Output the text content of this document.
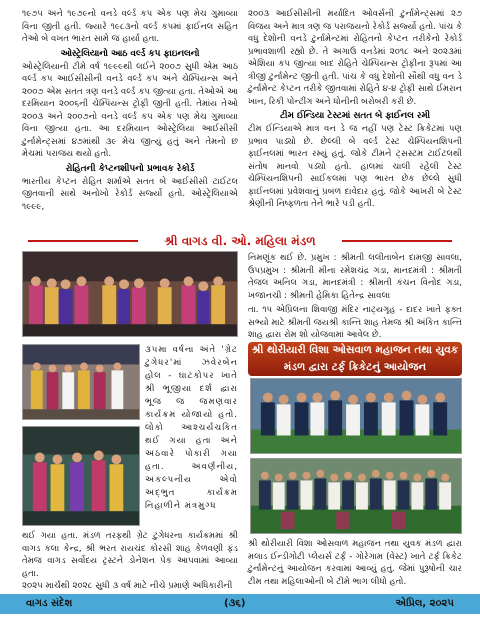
૧૯૭૫ અને ૧૯૭૯નો વનડે વર્લ્ડ કપ એક પણ મેચ ગુમાવ્યા વિના જીતી હતી. જ્યારે ૧૯૮૩નો વર્લ્ડ કપમાં ફાઈનલ સહિત તેઓ બે વખત ભારત સામે જ હાર્યા હતા.

ઓસ્ટ્રેલિયાનો આઠ વર્લ્ડ કપ ફાઇનલનો

ઓસ્ટ્રેલિયાની ટીમે વર્ષ ૧૯૯૯થી લઈને ૨૦૦૭ સુધી એમ આઠ વર્લ્ડ કપ આઈસીસીની વનડે વર્લ્ડ કપ અને ચેમ્પિયન્સ અને ૨૦૦૭ એમ સતત ત્રણ વનડે વર્લ્ડ કપ જીત્યા હતા. તેઓએ આ દરમિયાન ૨૦૦૬ની ચેમ્પિયન્સ ટ્રોફી જીતી હતી. તેમાંય તેઓ ૨૦૦૩ અને ૨૦૦૭નો વનડે વર્લ્ડ કપ એક પણ મેચ ગુમાવ્યા વિના જીત્યા હતા. આ દરમિયાન ઓસ્ટ્રેલિયા આઈસીસી ટુર્નામેન્ટ્સમાં ૪૭માંથી ૩૯ મેચ જીત્યું હતું અને તેમનો છ મેચમાં પરાજય થયો હતો.

રોહિતની કેપ્ટનશીપનો પ્રભાવક રેકોર્ડ

ભારતીય કેપ્ટન રોહિત શર્માએ સતત બે આઈસીસી ટાઈટલ જીતવાની સાથે અનોખો રેકોર્ડ સર્જ્યો હતો. ઓસ્ટ્રેલિયાએ ૧૯૯૯,

૨૦૦૩ આઈસીસીની મર્યાદિત ઓવર્સની ટુર્નામેન્ટ્સમાં ૨૭ વિજય અને માત્ર ત્રણ જ પરાજયનો રેકોર્ડ સર્જ્યો હતો. પાંચ કે વધુ દેશોની વનડે ટુર્નામેન્ટમાં રોહિતનો કેપ્ટન તરીકેનો રેકોર્ડ પ્રભાવશાળી રહ્યો છે. તે અગાઉ વનડેમાં ૨૦૧૮ અને ૨૦૨૩માં એશિયા કપ જીત્યા બાદ રોહિતે ચેમ્પિયન્સ ટ્રોફીના રૂપમાં આ ત્રીજી ટુર્નામેન્ટ જીતી હતી. પાંચ કે વધુ દેશોની સૌથી વધુ વન ડે ટુર્નામેન્ટ કેપ્ટન તરીકે જીતવામાં રોહિતે ૪-૪ ટ્રોફી સાથે ઈમરાન ખાન, રિકી પોન્ટીંગ અને ધોનીની બરોબરી કરી છે.

ટીમ ઈન્ડિયા ટેસ્ટમાં સતત બે ફાઈનલ રમી

ટીમ ઈન્ડિયાએ માત્ર વન ડે જ નહીં પણ ટેસ્ટ ક્રિકેટમાં પણ પ્રભાવ પાડ્યો છે. છેલ્લી બે વર્લ્ડ ટેસ્ટ ચેમ્પિયનશિપની ફાઈનલમાં ભારત રમ્યું હતું. જોકે ટીમને ટ્સસ્ટમ ટાઈટલથી સંતોષ માનવો પડ્યો હતો. હાલમાં ચાલી રહેલી ટેસ્ટ ચેમ્પિયનશિપની સાઈકલમાં પણ ભારત છેક છેલ્લે સુધી ફાઈનલમાં પ્રવેશવાનું પ્રબળ દાવેદાર હતું. જોકે આખરી બે ટેસ્ટ શ્રેણીની નિષ્ફળતા તેને ભારે પડી હતી.

શ્રી વાગડ વી. ઓ. મહિલા મંડળ
૩૫મા વર્ષના અંતે 'ગ્રેટ ટુગેધર'માં ઝવેરબેન હોલ - ઘાટકોપર ખાતે શ્રી ભૂજીયા દર્શ દ્વારા ભૂજ જ જમણવાર કાર્યક્રમ યોજાયો હતો. લોકો આશ્ચર્યચકિત થઈ ગયા હતા અને અઠવારે પોકારી ગયા હતા. અવર્ણનીય, અકલ્પનીય એવો અદ્ભુત કાર્યક્રમ નિહાળીને મંત્રમુગ્ધ
થઈ ગયા હતા. મંડળ તરફથી ગ્રેટ ટુગેધરના કાર્યક્રમમાં શ્રી વાગડ કલા કેન્દ્ર, શ્રી ભરત રાયચંદ કોરસી શાહ કેળવણી ફંડ તેમજ વાગડ સર્વોદય ટ્રસ્ટને ડોનેશન પેક આપવામાં આવ્યા હતા.
૨૦૨૫ માર્ચથી ૨૦૨૮ સુધી ૩ વર્ષ માટે નીચે પ્રમાણે અધિકારીની

નિમણૂંક થઈ છે. પ્રમુખ : શ્રીમતી લલીતાબેન દામજી સાવલા, ઉપપ્રમુખ : શ્રીમતી મીના રમેશચંદ્ર ગડા, માનદમંત્રી : શ્રીમતી તેજલ અનિલ ગડા, માનદમંત્રી : શ્રીમતી કંચન વિનોદ ગડા, ખજાનચી : શ્રીમતી હેમિકા હિતેન્દ્ર સાવલા

તા. ૧૫ એપ્રિલના શિવાજી મંદિર નાટ્યગૃહ - દાદર ખાતે ફક્ત સભ્યો માટે શ્રીમતી જયશ્રી કાન્તિ શાહ તેમજ શ્રી અંકિત કાન્તિ શાહ દ્વારા રોમ શો યોજવામાં આવેલ છે.

શ્રી થોરીયારી વિશા ઓસવાળ મહાજન તથા યુવક મંડળ દ્વારા ટર્ફ ક્રિકેટનું આયોજન
શ્રી થોરીયારી વિશા ઓસવાળ મહાજન તથા યુવક મંડળ દ્વારા મલાડ ઈન્ડીગોટી પ્લેયર્સ ટર્ફ - ગોરેગામ (વેસ્ટ) ખાતે ટર્ફ ક્રિકેટ ટુર્નામેન્ટનું આયોજન કરવામાં આવ્યું હતું. જેમાં પુરૂષોની ચાર ટીમ તથા મહિલાઓની બે ટીમે ભાગ લીધો હતો.
વાગડ સંદેશ	(૩૬)	એપ્રિલ, ૨૦૨૫
